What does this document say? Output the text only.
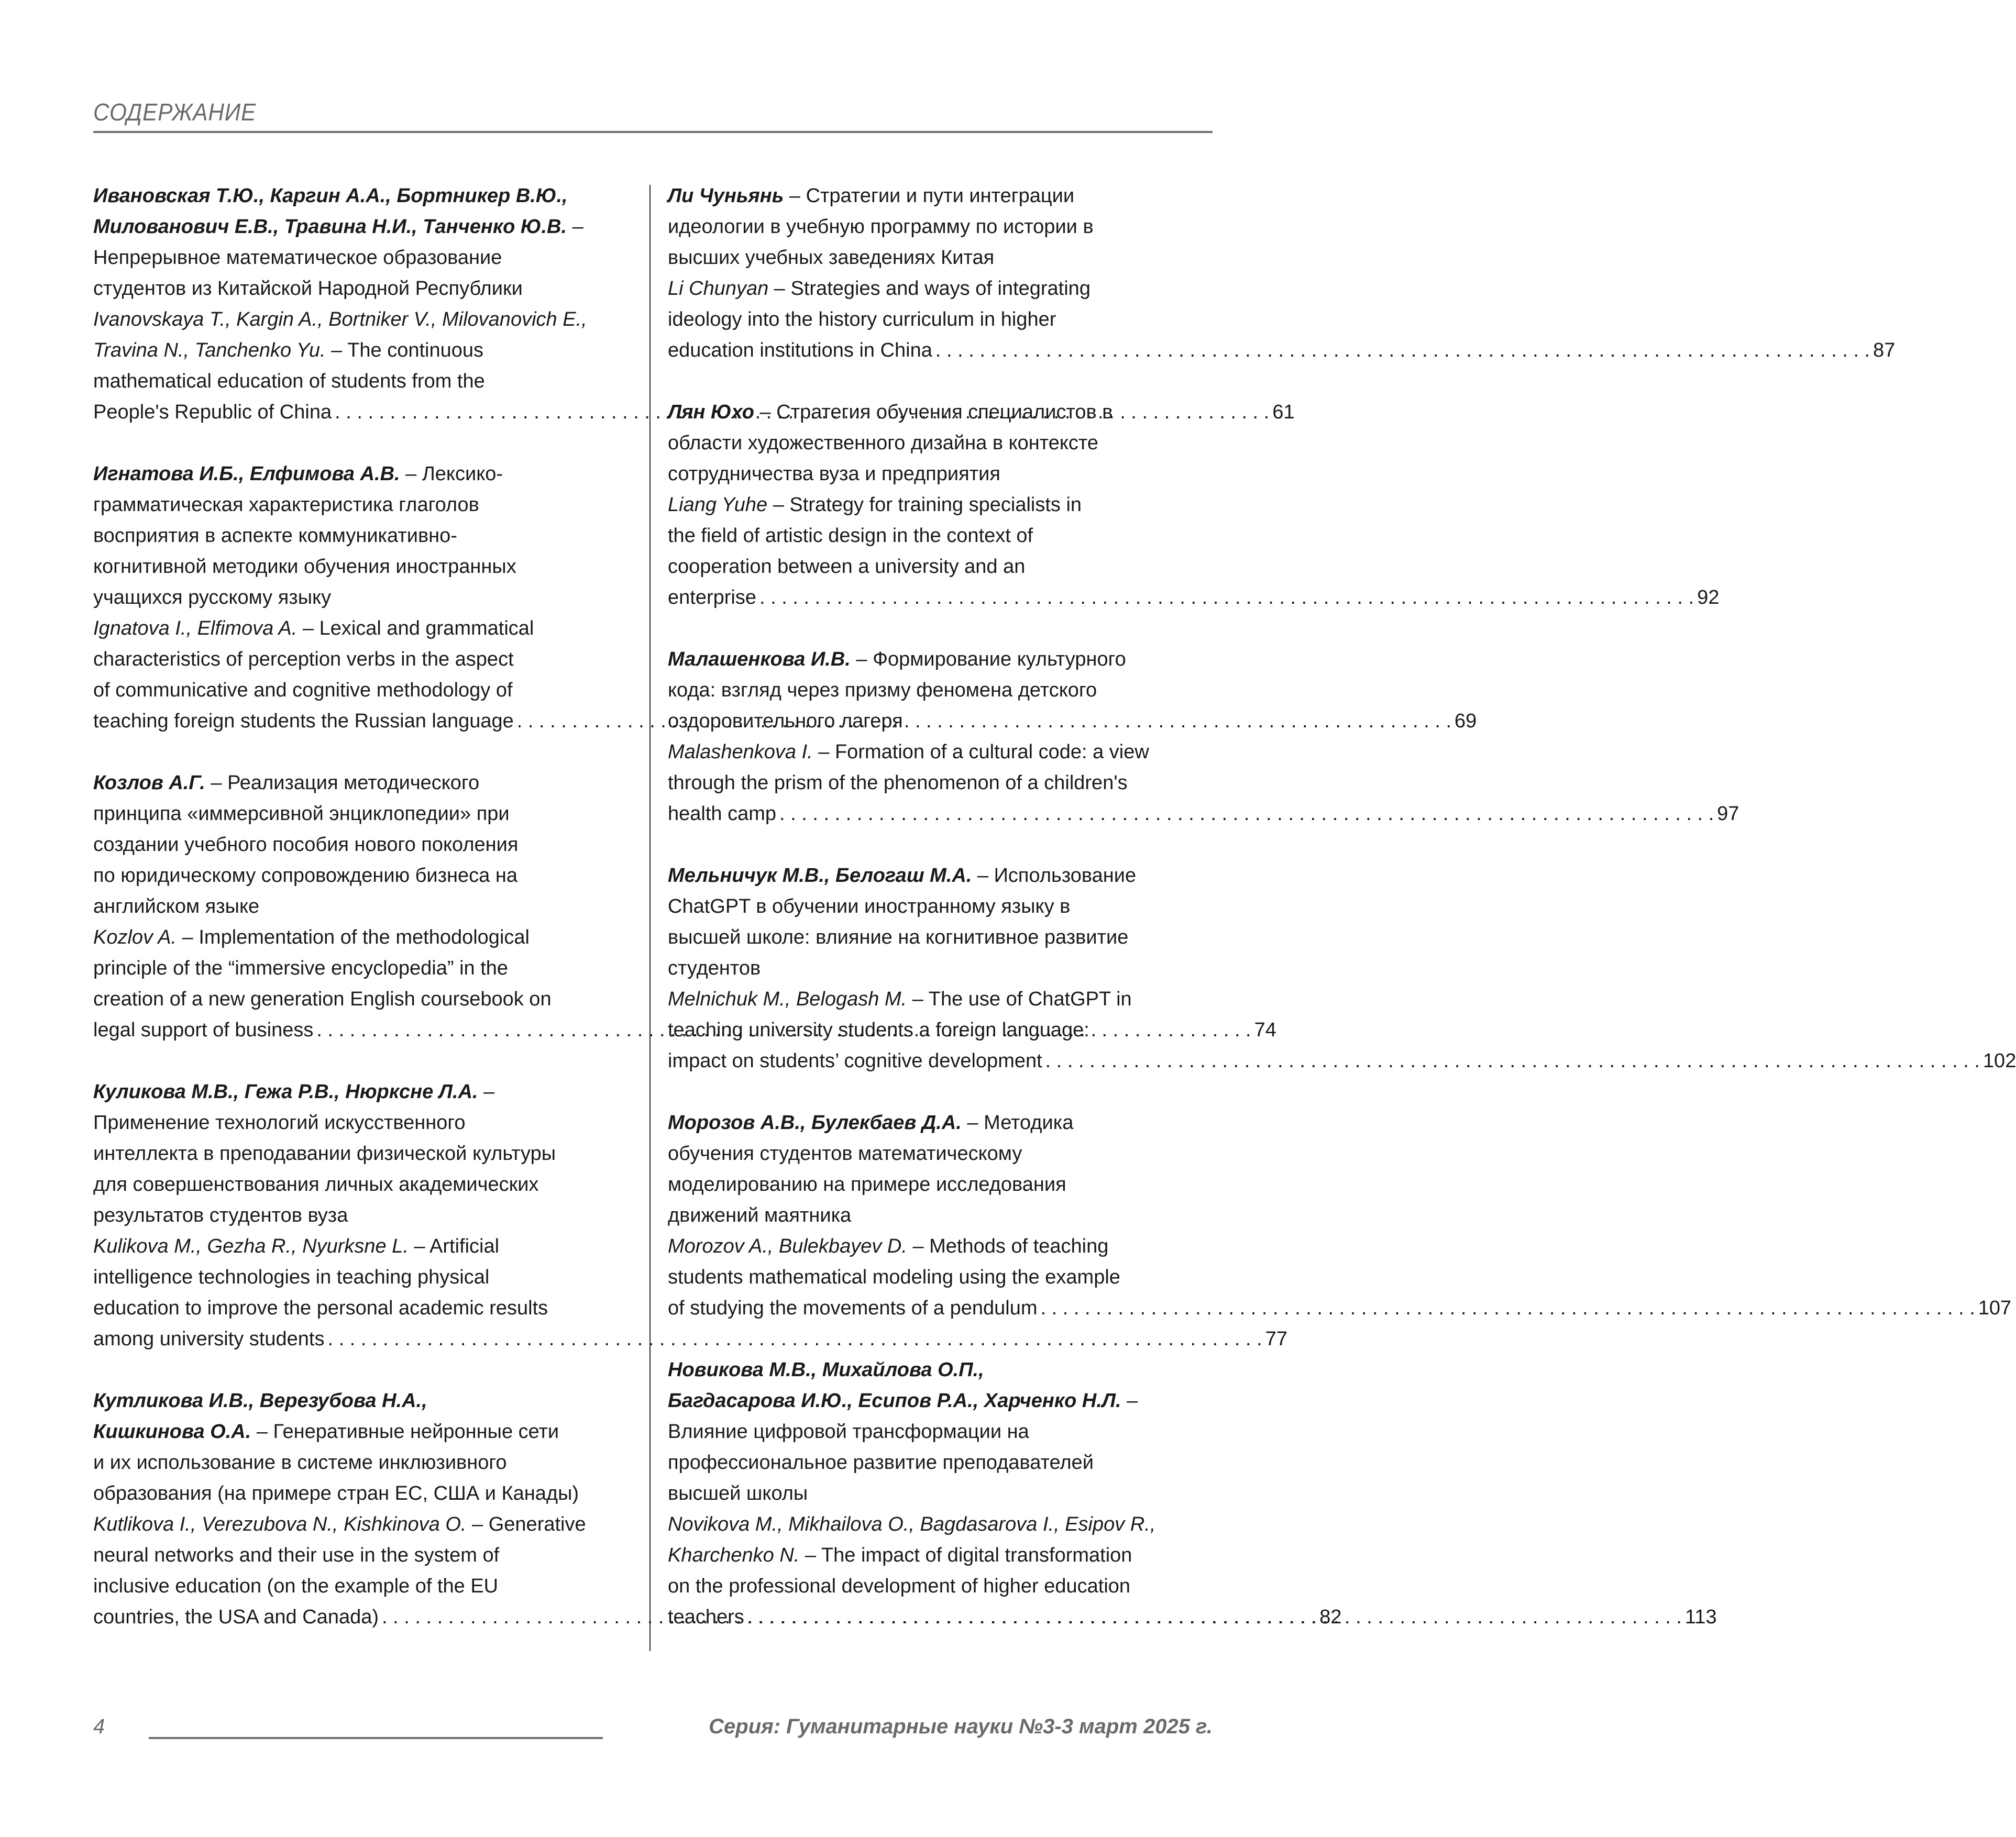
СОДЕРЖАНИЕ
Ивановская Т.Ю., Каргин А.А., Бортникер В.Ю.,
Милованович Е.В., Травина Н.И., Танченко Ю.В. –
Непрерывное математическое образование
студентов из Китайской Народной Республики
Ivanovskaya T., Kargin A., Bortniker V., Milovanovich E.,
Travina N., Tanchenko Yu. – The continuous
mathematical education of students from the
People's Republic of China . . .	61
Игнатова И.Б., Елфимова А.В. – Лексико-
грамматическая характеристика глаголов
восприятия в аспекте коммуникативно-
когнитивной методики обучения иностранных
учащихся русскому языку
Ignatova I., Elfimova A. – Lexical and grammatical
characteristics of perception verbs in the aspect
of communicative and cognitive methodology of
teaching foreign students the Russian language . . .	69
Козлов А.Г. – Реализация методического
принципа «иммерсивной энциклопедии» при
создании учебного пособия нового поколения
по юридическому сопровождению бизнеса на
английском языке
Kozlov A. – Implementation of the methodological
principle of the “immersive encyclopedia” in the
creation of a new generation English coursebook on
legal support of business . . .	74
Куликова М.В., Гежа Р.В., Нюркснe Л.А. –
Применение технологий искусственного
интеллекта в преподавании физической культуры
для совершенствования личных академических
результатов студентов вуза
Kulikova M., Gezha R., Nyurksne L. – Artificial
intelligence technologies in teaching physical
education to improve the personal academic results
among university students . . .	77
Кутликова И.В., Верезубова Н.А.,
Кишкинова О.А. – Генеративные нейронные сети
и их использование в системе инклюзивного
образования (на примере стран ЕС, США и Канады)
Kutlikova I., Verezubova N., Kishkinova O. – Generative
neural networks and their use in the system of
inclusive education (on the example of the EU
countries, the USA and Canada) . . .	82
Ли Чуньянь – Стратегии и пути интеграции
идеологии в учебную программу по истории в
высших учебных заведениях Китая
Li Chunyan – Strategies and ways of integrating
ideology into the history curriculum in higher
education institutions in China . . .	87
Лян Юхо – Стратегия обучения специалистов в
области художественного дизайна в контексте
сотрудничества вуза и предприятия
Liang Yuhe – Strategy for training specialists in
the field of artistic design in the context of
cooperation between a university and an
enterprise . . .	92
Малашенкова И.В. – Формирование культурного
кода: взгляд через призму феномена детского
оздоровительного лагеря
Malashenkova I. – Formation of a cultural code: a view
through the prism of the phenomenon of a children's
health camp . . .	97
Мельничук М.В., Белогаш М.А. – Использование
ChatGPT в обучении иностранному языку в
высшей школе: влияние на когнитивное развитие
студентов
Melnichuk M., Belogash M. – The use of ChatGPT in
teaching university students a foreign language:
impact on students’ cognitive development . . .	102
Морозов А.В., Булекбаев Д.А. – Методика
обучения студентов математическому
моделированию на примере исследования
движений маятника
Morozov A., Bulekbayev D. – Methods of teaching
students mathematical modeling using the example
of studying the movements of a pendulum . . .	107
Новикова М.В., Михайлова О.П.,
Багдасарова И.Ю., Есипов Р.А., Харченко Н.Л. –
Влияние цифровой трансформации на
профессиональное развитие преподавателей
высшей школы
Novikova M., Mikhailova O., Bagdasarova I., Esipov R.,
Kharchenko N. – The impact of digital transformation
on the professional development of higher education
teachers . . .	113
4	Серия: Гуманитарные науки №3-3 март 2025 г.
